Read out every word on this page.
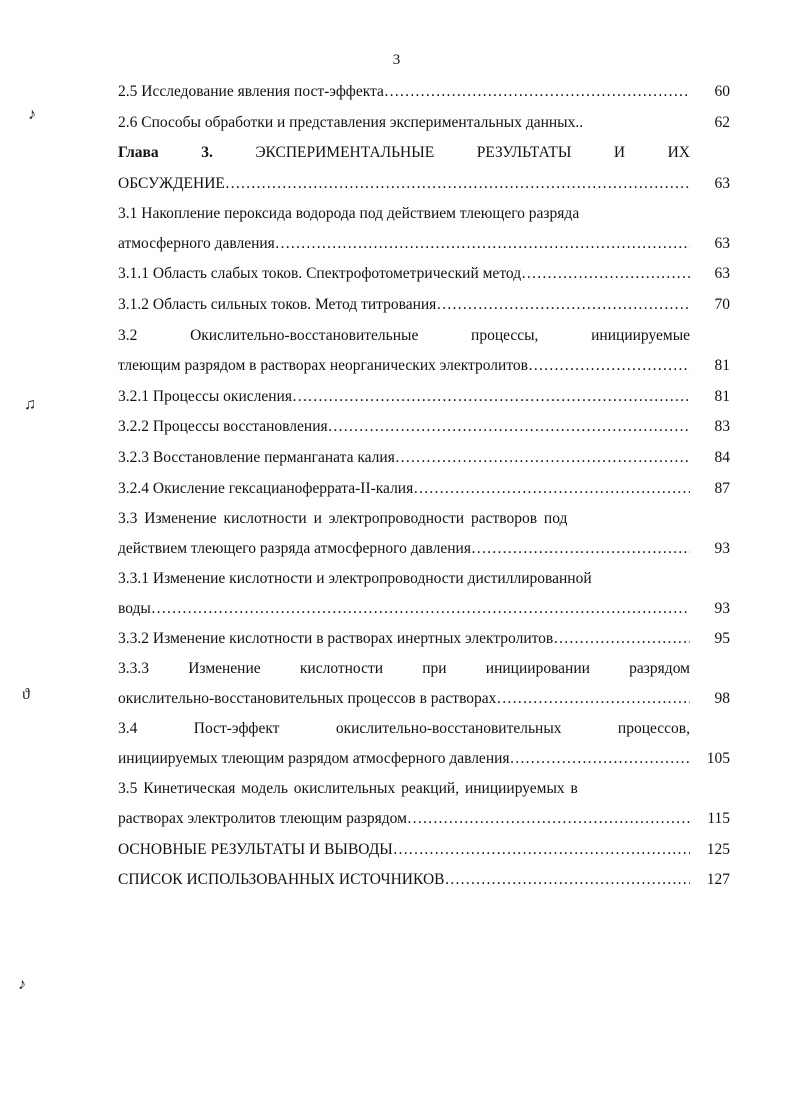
3
♪
♫
ϑ
♪
2.5 Исследование явления пост-эффекта …………………………………………………………………………………………………………………………………………………………………………	60
2.6 Способы обработки и представления экспериментальных данных..	62
Глава	3.	ЭКСПЕРИМЕНТАЛЬНЫЕ	РЕЗУЛЬТАТЫ	И	ИХ
ОБСУЖДЕНИЕ …………………………………………………………………………………………………………………………………………………………………………	63
3.1 Накопление пероксида водорода под действием тлеющего разряда
атмосферного давления …………………………………………………………………………………………………………………………………………………………………………	63
3.1.1 Область слабых токов. Спектрофотометрический метод …………………………………………………………………………………………………………………………………………………………………………	63
3.1.2 Область сильных токов. Метод титрования …………………………………………………………………………………………………………………………………………………………………………	70
3.2	Окислительно-восстановительные	процессы,	инициируемые
тлеющим разрядом в растворах неорганических электролитов …………………………………………………………………………………………………………………………………………………………………………	81
3.2.1 Процессы окисления …………………………………………………………………………………………………………………………………………………………………………	81
3.2.2 Процессы восстановления …………………………………………………………………………………………………………………………………………………………………………	83
3.2.3 Восстановление перманганата калия …………………………………………………………………………………………………………………………………………………………………………	84
3.2.4 Окисление гексацианоферрата-II-калия …………………………………………………………………………………………………………………………………………………………………………	87
3.3 Изменение кислотности и электропроводности растворов под
действием тлеющего разряда атмосферного давления …………………………………………………………………………………………………………………………………………………………………………	93
3.3.1 Изменение кислотности и электропроводности дистиллированной
воды …………………………………………………………………………………………………………………………………………………………………………	93
3.3.2 Изменение кислотности в растворах инертных электролитов …………………………………………………………………………………………………………………………………………………………………………	95
3.3.3	Изменение	кислотности	при	инициировании	разрядом
окислительно-восстановительных процессов в растворах …………………………………………………………………………………………………………………………………………………………………………	98
3.4	Пост-эффект	окислительно-восстановительных	процессов,
инициируемых тлеющим разрядом атмосферного давления …………………………………………………………………………………………………………………………………………………………………………	105
3.5 Кинетическая модель окислительных реакций, инициируемых в
растворах электролитов тлеющим разрядом …………………………………………………………………………………………………………………………………………………………………………	115
ОСНОВНЫЕ РЕЗУЛЬТАТЫ И ВЫВОДЫ …………………………………………………………………………………………………………………………………………………………………………	125
СПИСОК ИСПОЛЬЗОВАННЫХ ИСТОЧНИКОВ …………………………………………………………………………………………………………………………………………………………………………	127
